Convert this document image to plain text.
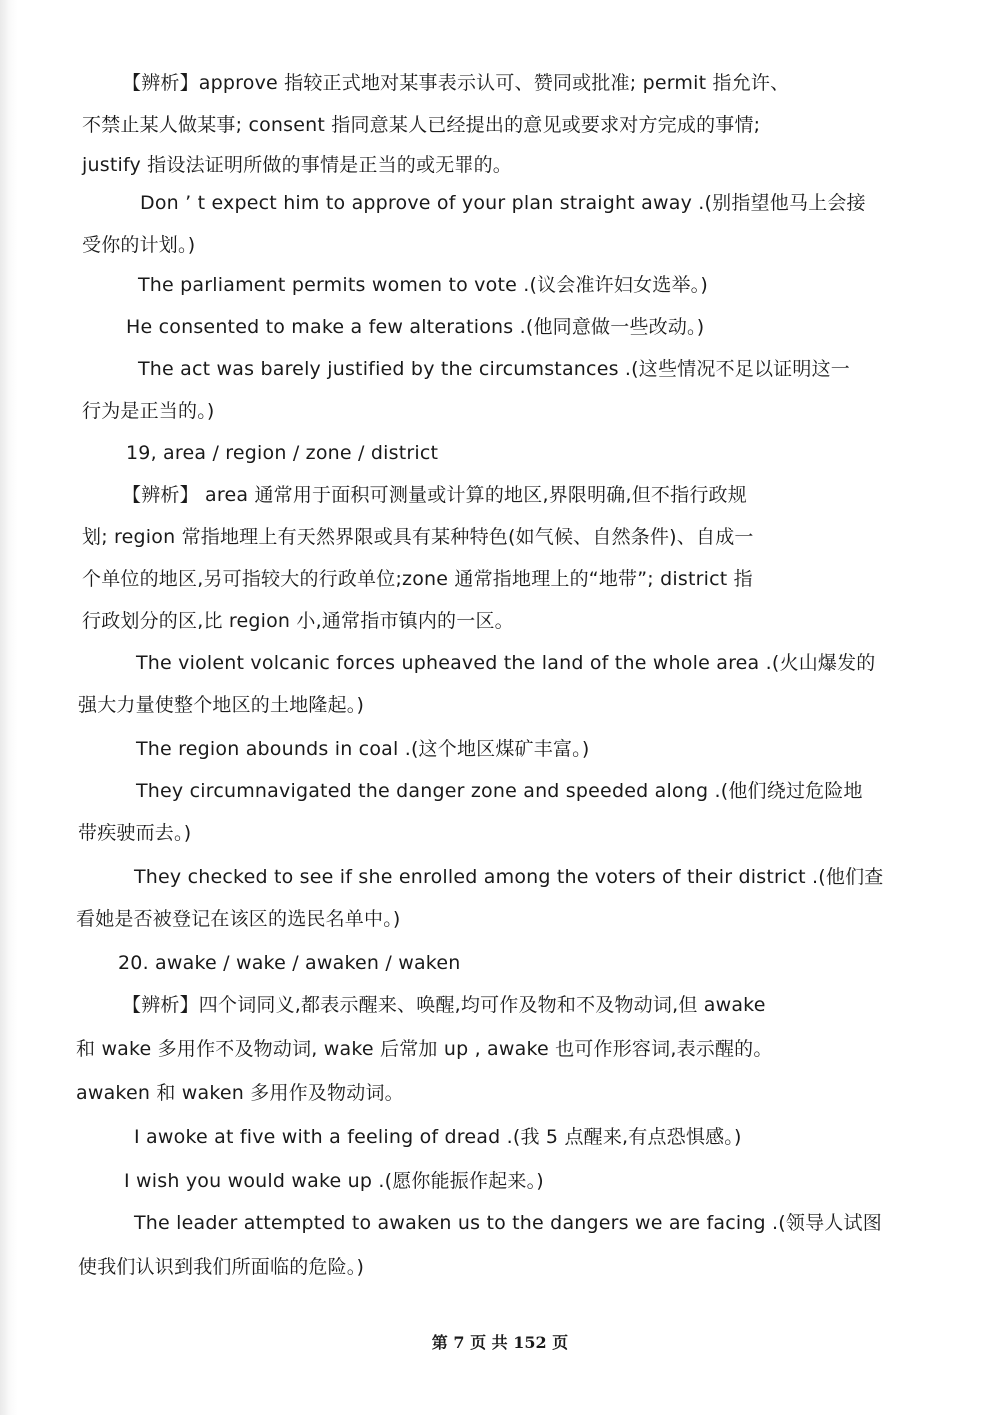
【辨析】approve 指较正式地对某事表示认可、赞同或批准; permit 指允许、
不禁止某人做某事; consent 指同意某人已经提出的意见或要求对方完成的事情;
justify 指设法证明所做的事情是正当的或无罪的。
Don ’ t expect him to approve of your plan straight away .(别指望他马上会接
受你的计划。)
The parliament permits women to vote .(议会准许妇女选举。)
He consented to make a few alterations .(他同意做一些改动。)
The act was barely justified by the circumstances .(这些情况不足以证明这一
行为是正当的。)
19, area / region / zone / district
【辨析】 area 通常用于面积可测量或计算的地区,界限明确,但不指行政规
划; region 常指地理上有天然界限或具有某种特色(如气候、自然条件)、自成一
个单位的地区,另可指较大的行政单位;zone 通常指地理上的“地带”; district 指
行政划分的区,比 region 小,通常指市镇内的一区。
The violent volcanic forces upheaved the land of the whole area .(火山爆发的
强大力量使整个地区的土地隆起。)
The region abounds in coal .(这个地区煤矿丰富。)
They circumnavigated the danger zone and speeded along .(他们绕过危险地
带疾驶而去。)
They checked to see if she enrolled among the voters of their district .(他们查
看她是否被登记在该区的选民名单中。)
20. awake / wake / awaken / waken
【辨析】四个词同义,都表示醒来、唤醒,均可作及物和不及物动词,但 awake
和 wake 多用作不及物动词, wake 后常加 up , awake 也可作形容词,表示醒的。
awaken 和 waken 多用作及物动词。
I awoke at five with a feeling of dread .(我 5 点醒来,有点恐惧感。)
I wish you would wake up .(愿你能振作起来。)
The leader attempted to awaken us to the dangers we are facing .(领导人试图
使我们认识到我们所面临的危险。)
第 7 页 共 152 页
